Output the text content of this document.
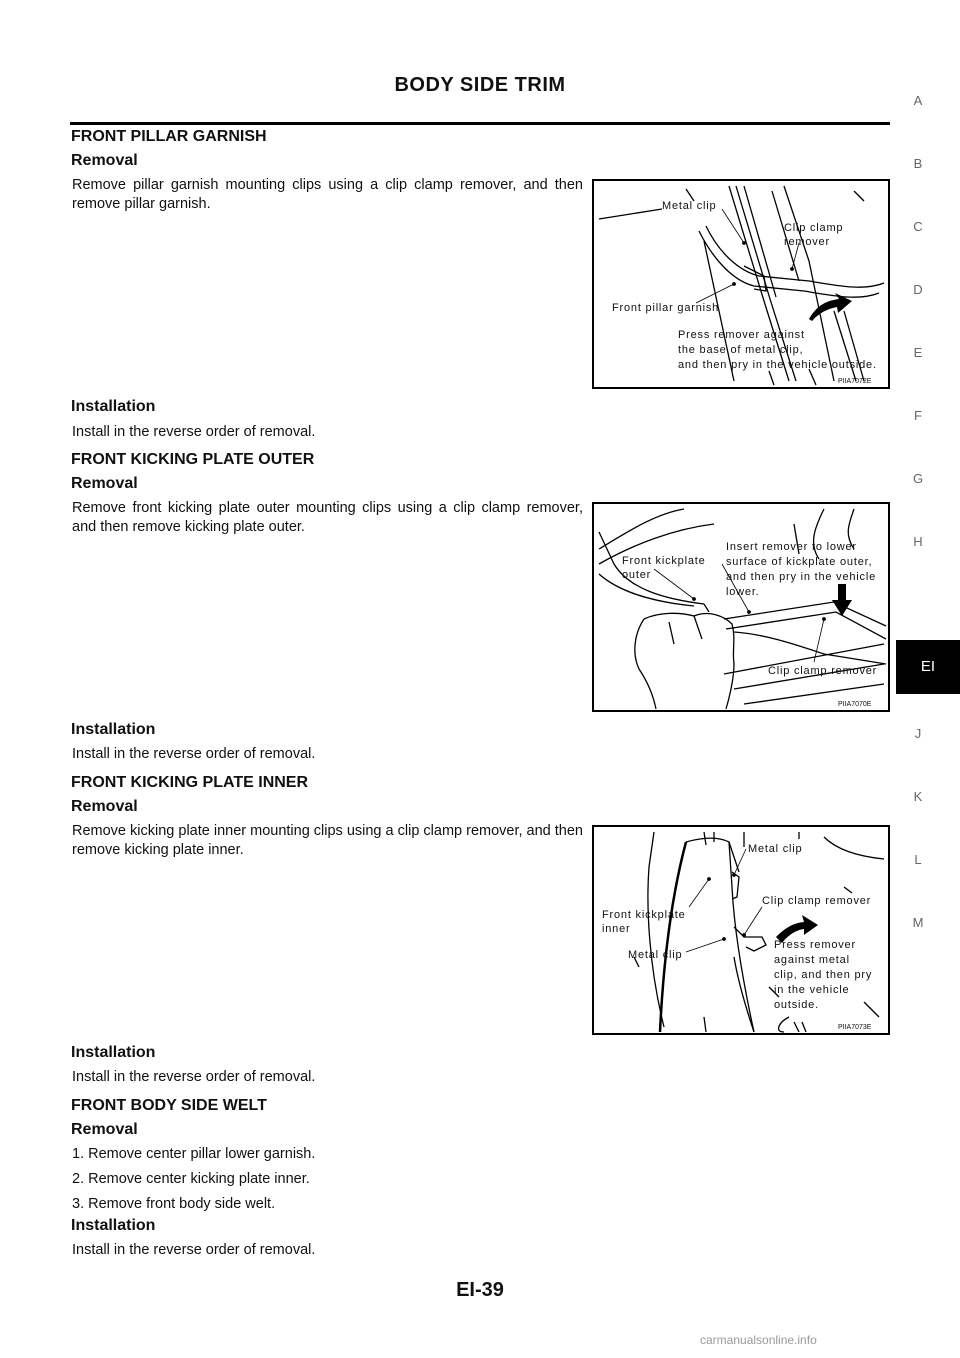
BODY SIDE TRIM
FRONT PILLAR GARNISH
Removal
Remove pillar garnish mounting clips using a clip clamp remover, and then remove pillar garnish.	Metal clip
Clip clamp
remover
Front pillar garnish
Press remover against
the base of metal clip,
and then pry in the vehicle outside.
PIIA7072E
Installation
Install in the reverse order of removal.
FRONT KICKING PLATE OUTER
Removal
Remove front kicking plate outer mounting clips using a clip clamp remover, and then remove kicking plate outer.
Front kickplate
outer
Insert remover to lower
surface of kickplate outer,
and then pry in the vehicle
lower.
Clip clamp remover
PIIA7070E
Installation
Install in the reverse order of removal.
FRONT KICKING PLATE INNER
Removal
Remove kicking plate inner mounting clips using a clip clamp remover, and then remove kicking plate inner.	Metal clip
Clip clamp remover
Front kickplate
inner
Metal clip
Press remover
against metal
clip, and then pry
in the vehicle
outside.
PIIA7073E
Installation
Install in the reverse order of removal.
FRONT BODY SIDE WELT
Removal
1. Remove center pillar lower garnish.
2. Remove center kicking plate inner.
3. Remove front body side welt.
Installation
Install in the reverse order of removal.
A
B
C
D
E
F
G
H
EI
J
K
L
M
EI-39
carmanualsonline.info
